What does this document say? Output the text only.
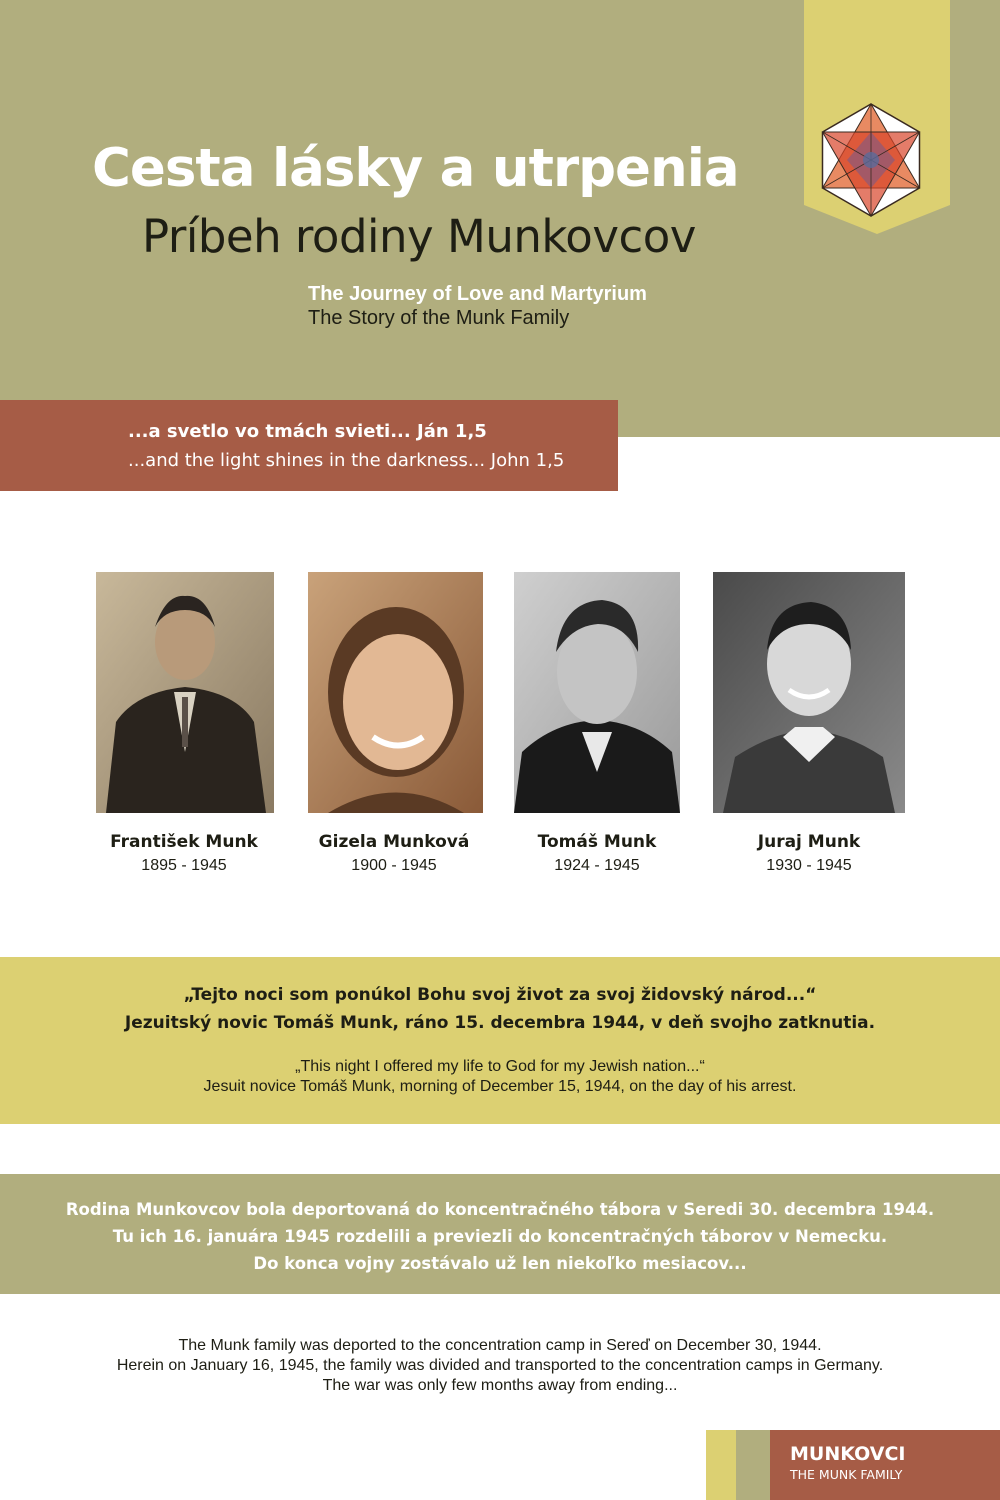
Cesta lásky a utrpenia
Príbeh rodiny Munkovcov
The Journey of Love and Martyrium
The Story of the Munk Family
...a svetlo vo tmách svieti... Ján 1,5
...and the light shines in the darkness... John 1,5
František Munk
1895 - 1945
Gizela Munková
1900 - 1945
Tomáš Munk
1924 - 1945
Juraj Munk
1930 - 1945
„Tejto noci som ponúkol Bohu svoj život za svoj židovský národ...“
Jezuitský novic Tomáš Munk, ráno 15. decembra 1944, v deň svojho zatknutia.
„This night I offered my life to God for my Jewish nation...“
Jesuit novice Tomáš Munk, morning of December 15, 1944, on the day of his arrest.
Rodina Munkovcov bola deportovaná do koncentračného tábora v Seredi 30. decembra 1944.
Tu ich 16. januára 1945 rozdelili a previezli do koncentračných táborov v Nemecku.
Do konca vojny zostávalo už len niekoľko mesiacov...
The Munk family was deported to the concentration camp in Sereď on December 30, 1944.
Herein on January 16, 1945, the family was divided and transported to the concentration camps in Germany.
The war was only few months away from ending...
MUNKOVCI
THE MUNK FAMILY
